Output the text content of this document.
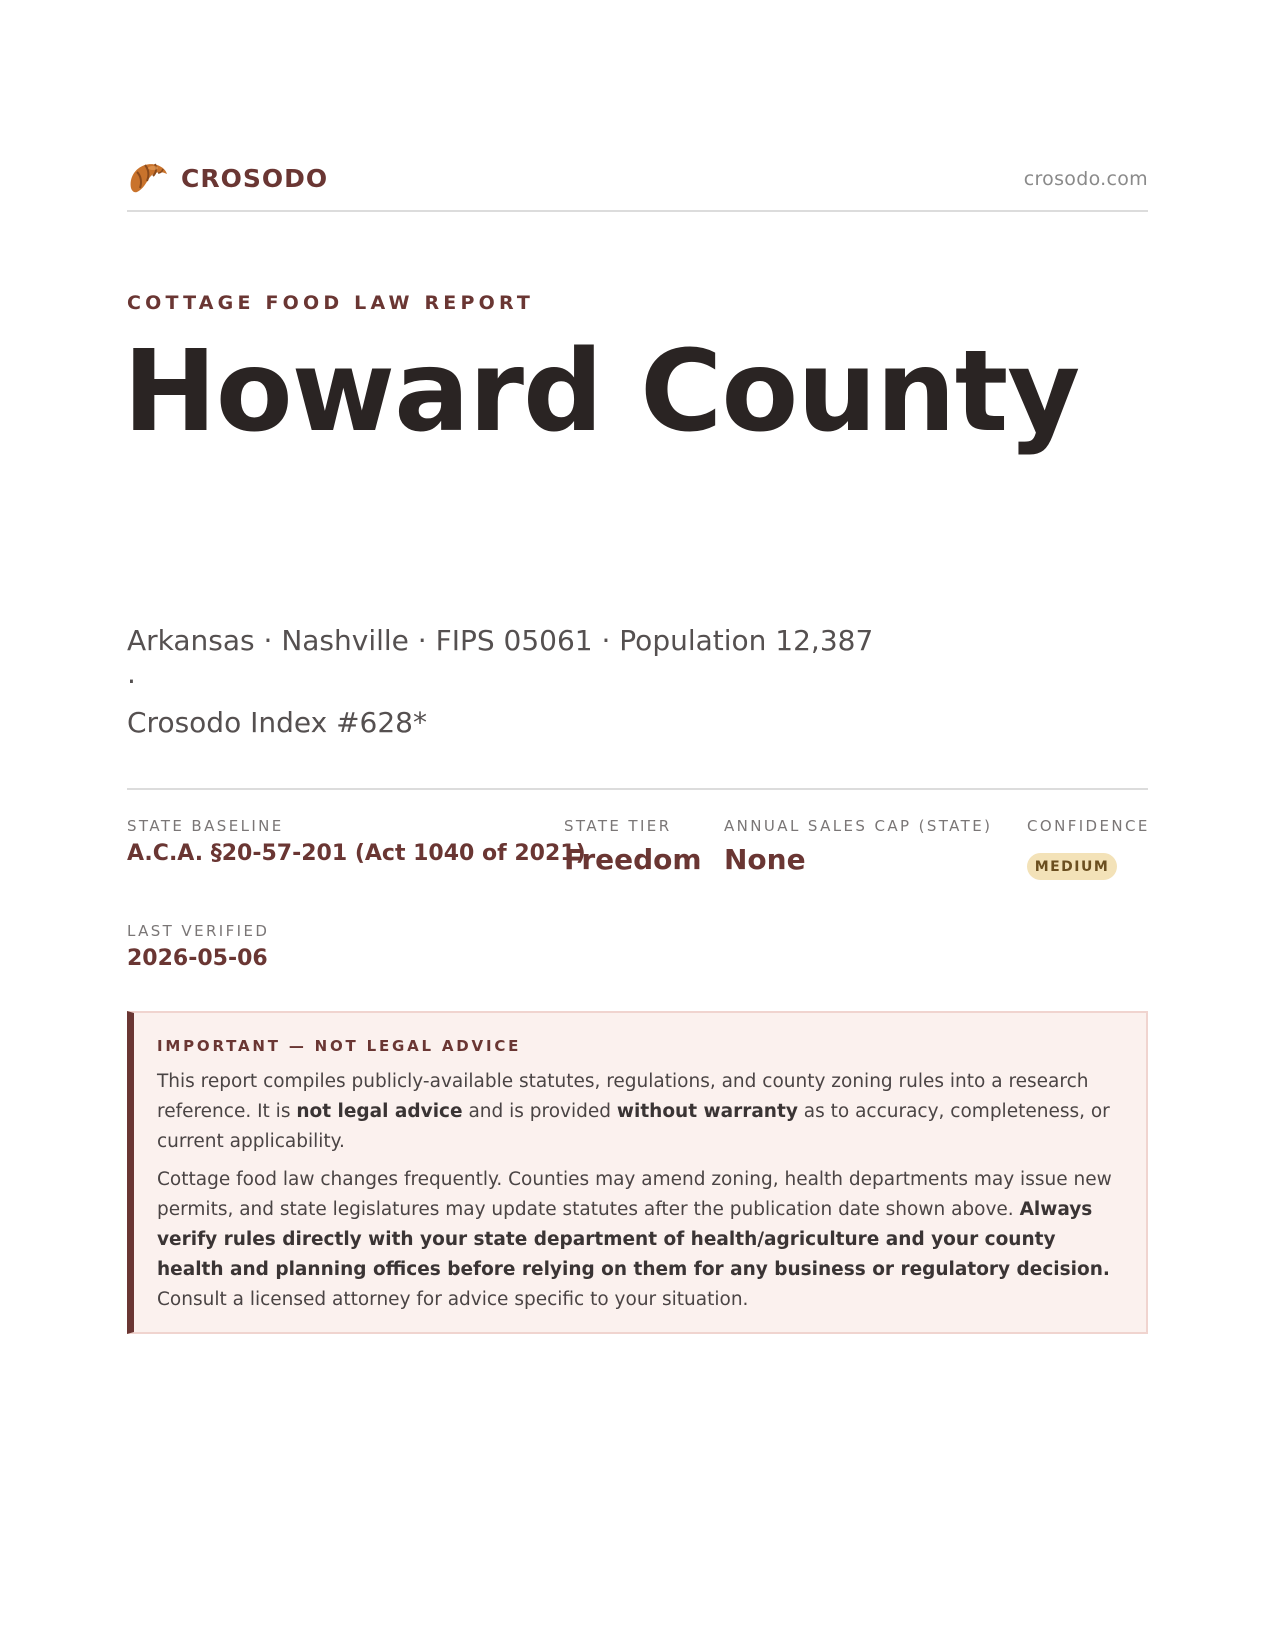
CROSODO	crosodo.com
COTTAGE FOOD LAW REPORT
Howard County
Arkansas · Nashville · FIPS 05061 · Population 12,387 ·
Crosodo Index #628*
STATE BASELINE
A.C.A. §20-57-201 (Act 1040 of 2021)
STATE TIER
Freedom
ANNUAL SALES CAP (STATE)
None
CONFIDENCE
MEDIUM
LAST VERIFIED
2026-05-06
IMPORTANT — NOT LEGAL ADVICE

This report compiles publicly-available statutes, regulations, and county zoning rules into a research reference. It is not legal advice and is provided without warranty as to accuracy, completeness, or current applicability.

Cottage food law changes frequently. Counties may amend zoning, health departments may issue new permits, and state legislatures may update statutes after the publication date shown above. Always verify rules directly with your state department of health/agriculture and your county health and planning offices before relying on them for any business or regulatory decision. Consult a licensed attorney for advice specific to your situation.
